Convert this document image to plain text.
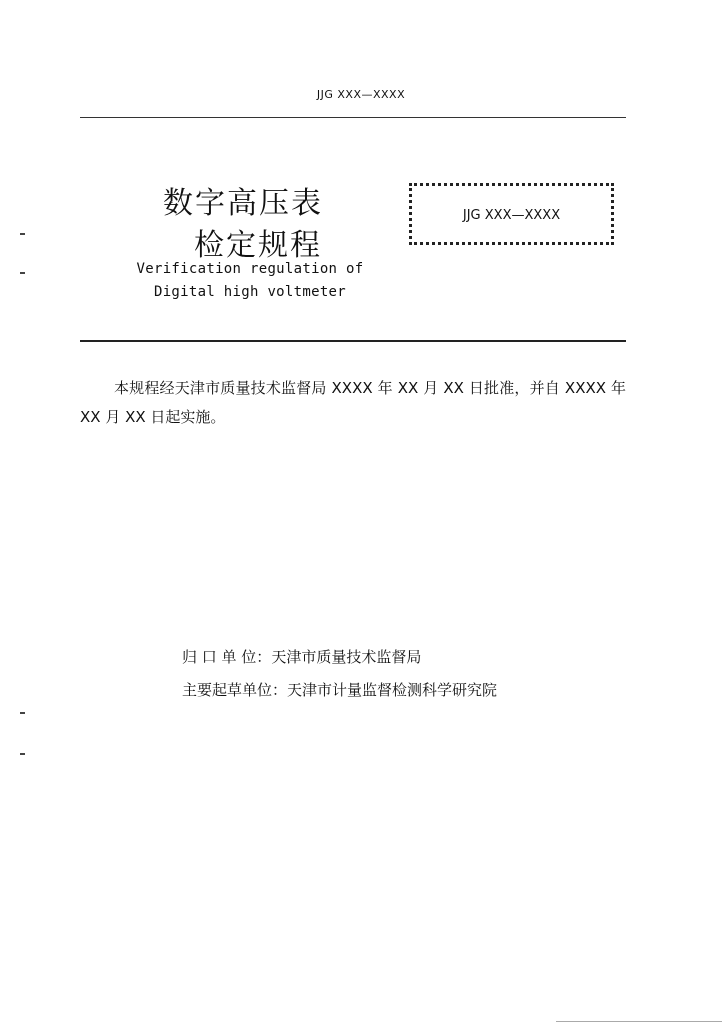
JJG XXX—XXXX
数字高压表
检定规程
Verification regulation of
Digital high voltmeter
JJG XXX—XXXX
本规程经天津市质量技术监督局 XXXX 年 XX 月 XX 日批准，并自 XXXX 年 XX 月 XX 日起实施。
归 口 单 位：天津市质量技术监督局
主要起草单位：天津市计量监督检测科学研究院
